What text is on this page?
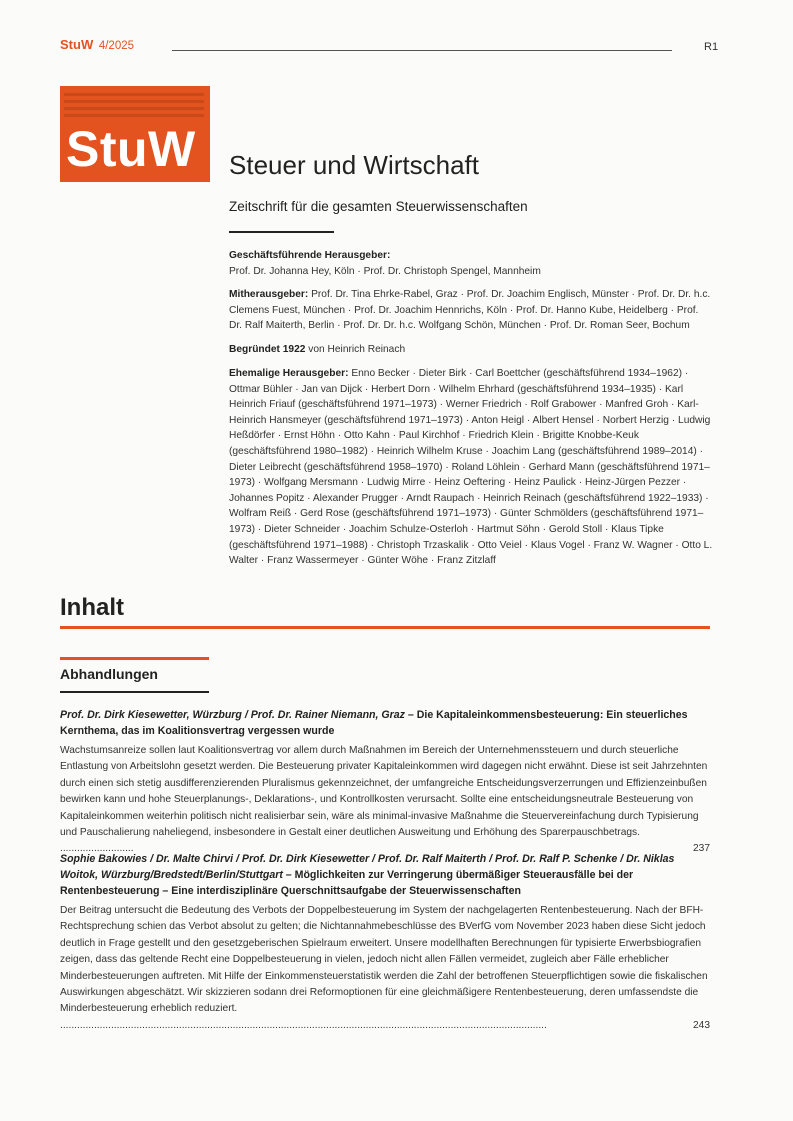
StuW 4/2025	R1
StuW Steuer und Wirtschaft
Zeitschrift für die gesamten Steuerwissenschaften
Geschäftsführende Herausgeber:
Prof. Dr. Johanna Hey, Köln · Prof. Dr. Christoph Spengel, Mannheim
Mitherausgeber: Prof. Dr. Tina Ehrke-Rabel, Graz · Prof. Dr. Joachim Englisch, Münster · Prof. Dr. Dr. h.c. Clemens Fuest, München · Prof. Dr. Joachim Hennrichs, Köln · Prof. Dr. Hanno Kube, Heidelberg · Prof. Dr. Ralf Maiterth, Berlin · Prof. Dr. Dr. h.c. Wolfgang Schön, München · Prof. Dr. Roman Seer, Bochum
Begründet 1922 von Heinrich Reinach
Ehemalige Herausgeber: Enno Becker · Dieter Birk · Carl Boettcher (geschäftsführend 1934–1962) · Ottmar Bühler · Jan van Dijck · Herbert Dorn · Wilhelm Ehrhard (geschäftsführend 1934–1935) · Karl Heinrich Friauf (geschäftsführend 1971–1973) · Werner Friedrich · Rolf Grabower · Manfred Groh · Karl-Heinrich Hansmeyer (geschäftsführend 1971–1973) · Anton Heigl · Albert Hensel · Norbert Herzig · Ludwig Heßdörfer · Ernst Höhn · Otto Kahn · Paul Kirchhof · Friedrich Klein · Brigitte Knobbe-Keuk (geschäftsführend 1980–1982) · Heinrich Wilhelm Kruse · Joachim Lang (geschäftsführend 1989–2014) · Dieter Leibrecht (geschäftsführend 1958–1970) · Roland Löhlein · Gerhard Mann (geschäftsführend 1971–1973) · Wolfgang Mersmann · Ludwig Mirre · Heinz Oeftering · Heinz Paulick · Heinz-Jürgen Pezzer · Johannes Popitz · Alexander Prugger · Arndt Raupach · Heinrich Reinach (geschäftsführend 1922–1933) · Wolfram Reiß · Gerd Rose (geschäftsführend 1971–1973) · Günter Schmölders (geschäftsführend 1971–1973) · Dieter Schneider · Joachim Schulze-Osterloh · Hartmut Söhn · Gerold Stoll · Klaus Tipke (geschäftsführend 1971–1988) · Christoph Trzaskalik · Otto Veiel · Klaus Vogel · Franz W. Wagner · Otto L. Walter · Franz Wassermeyer · Günter Wöhe · Franz Zitzlaff
Inhalt
Abhandlungen
Prof. Dr. Dirk Kiesewetter, Würzburg / Prof. Dr. Rainer Niemann, Graz – Die Kapitaleinkommensbesteuerung: Ein steuerliches Kernthema, das im Koalitionsvertrag vergessen wurde
Wachstumsanreize sollen laut Koalitionsvertrag vor allem durch Maßnahmen im Bereich der Unternehmenssteuern und durch steuerliche Entlastung von Arbeitslohn gesetzt werden. Die Besteuerung privater Kapitaleinkommen wird dagegen nicht erwähnt. Diese ist seit Jahrzehnten durch einen sich stetig ausdifferenzierenden Pluralismus gekennzeichnet, der umfangreiche Entscheidungsverzerrungen und Effizienzeinbußen bewirken kann und hohe Steuerplanungs-, Deklarations-, und Kontrollkosten verursacht. Sollte eine entscheidungsneutrale Besteuerung von Kapitaleinkommen weiterhin politisch nicht realisierbar sein, wäre als minimal-invasive Maßnahme die Steuervereinfachung durch Typisierung und Pauschalierung naheliegend, insbesondere in Gestalt einer deutlichen Ausweitung und Erhöhung des Sparerpauschbetrags. ..........................	237
Sophie Bakowies / Dr. Malte Chirvi / Prof. Dr. Dirk Kiesewetter / Prof. Dr. Ralf Maiterth / Prof. Dr. Ralf P. Schenke / Dr. Niklas Woitok, Würzburg/Bredstedt/Berlin/Stuttgart – Möglichkeiten zur Verringerung übermäßiger Steuerausfälle bei der Rentenbesteuerung – Eine interdisziplinäre Querschnittsaufgabe der Steuerwissenschaften
Der Beitrag untersucht die Bedeutung des Verbots der Doppelbesteuerung im System der nachgelagerten Rentenbesteuerung. Nach der BFH-Rechtsprechung schien das Verbot absolut zu gelten; die Nichtannahmebeschlüsse des BVerfG vom November 2023 haben diese Sicht jedoch deutlich in Frage gestellt und den gesetzgeberischen Spielraum erweitert. Unsere modellhaften Berechnungen für typisierte Erwerbsbiografien zeigen, dass das geltende Recht eine Doppelbesteuerung in vielen, jedoch nicht allen Fällen vermeidet, zugleich aber Fälle erheblicher Minderbesteuerungen auftreten. Mit Hilfe der Einkommensteuerstatistik werden die Zahl der betroffenen Steuerpflichtigen sowie die fiskalischen Auswirkungen abgeschätzt. Wir skizzieren sodann drei Reformoptionen für eine gleichmäßigere Rentenbesteuerung, deren umfassendste die Minderbesteuerung erheblich reduziert. ............................................................................................................................................................................	243
